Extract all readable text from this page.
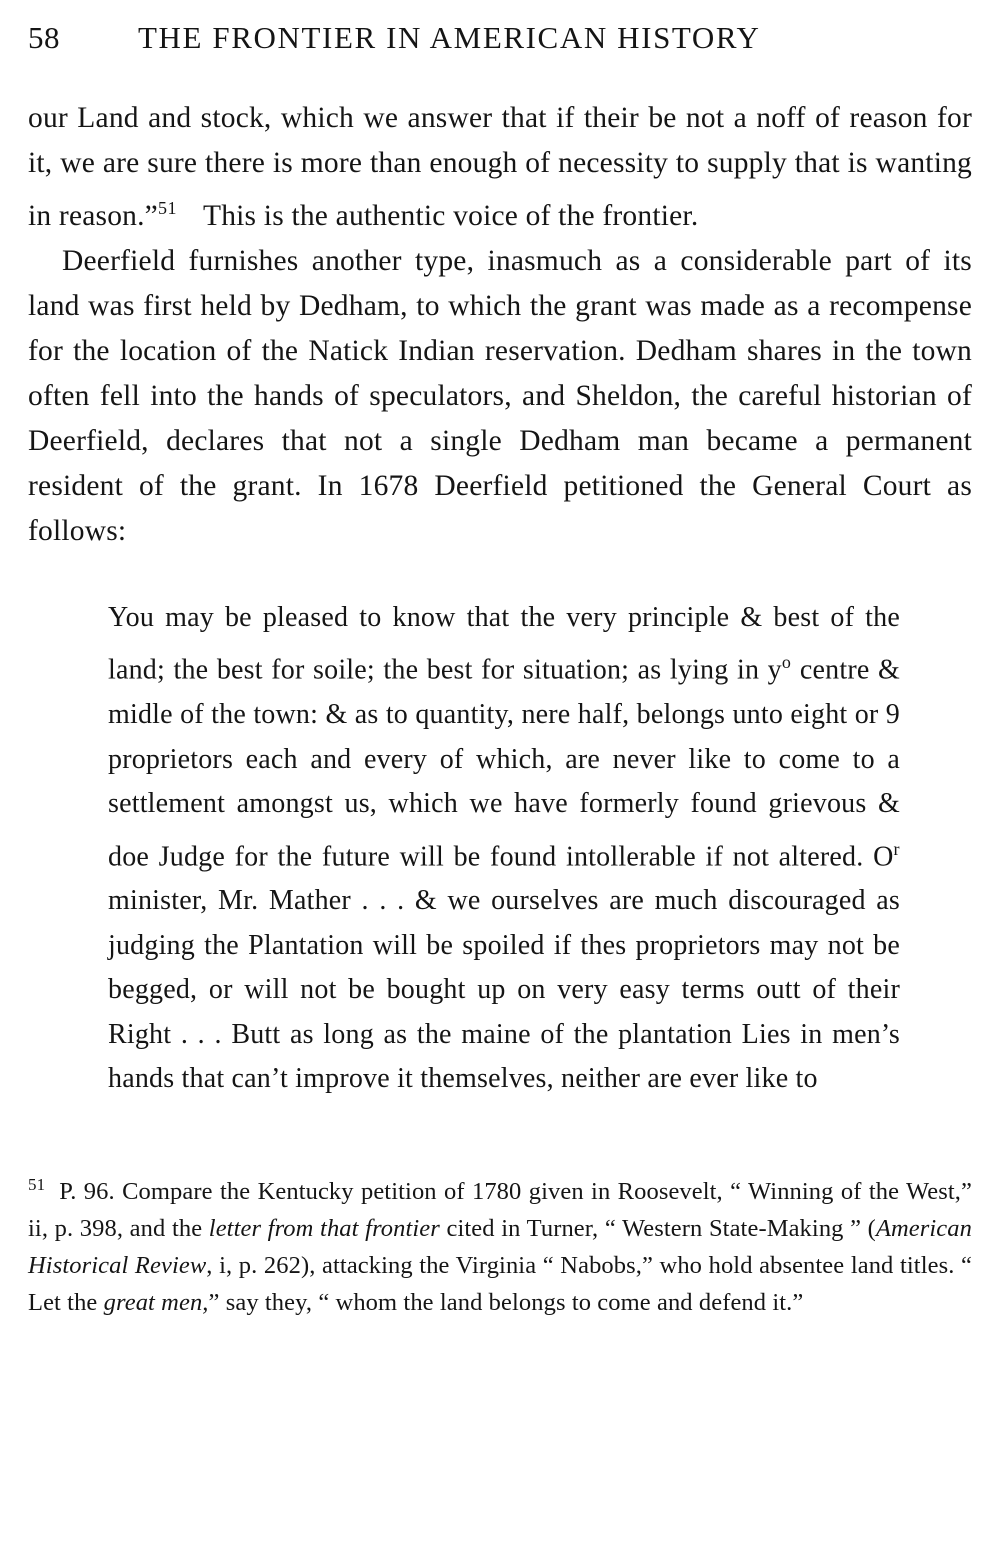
58	THE FRONTIER IN AMERICAN HISTORY

our Land and stock, which we answer that if their be not a noff of reason for it, we are sure there is more than enough of necessity to supply that is wanting in reason.”$^{51}$ This is the authentic voice of the frontier.

Deerfield furnishes another type, inasmuch as a considerable part of its land was first held by Dedham, to which the grant was made as a recompense for the location of the Natick Indian reservation. Dedham shares in the town often fell into the hands of speculators, and Sheldon, the careful historian of Deerfield, declares that not a single Dedham man became a permanent resident of the grant. In 1678 Deerfield petitioned the General Court as follows:

You may be pleased to know that the very principle & best of the land; the best for soile; the best for situation; as lying in $y^o$ centre & midle of the town: & as to quantity, nere half, belongs unto eight or 9 proprietors each and every of which, are never like to come to a settlement amongst us, which we have formerly found grievous & doe Judge for the future will be found intollerable if not altered. $O^r$ minister, Mr. Mather . . . & we ourselves are much discouraged as judging the Plantation will be spoiled if thes proprietors may not be begged, or will not be bought up on very easy terms outt of their Right . . . Butt as long as the maine of the plantation Lies in men’s hands that can’t improve it themselves, neither are ever like to

$^{51}$ P. 96. Compare the Kentucky petition of 1780 given in Roosevelt, “ Winning of the West,” ii, p. 398, and the letter from that frontier cited in Turner, “ Western State-Making ” (American Historical Review, i, p. 262), attacking the Virginia “ Nabobs,” who hold absentee land titles. “ Let the great men,” say they, “ whom the land belongs to come and defend it.”
